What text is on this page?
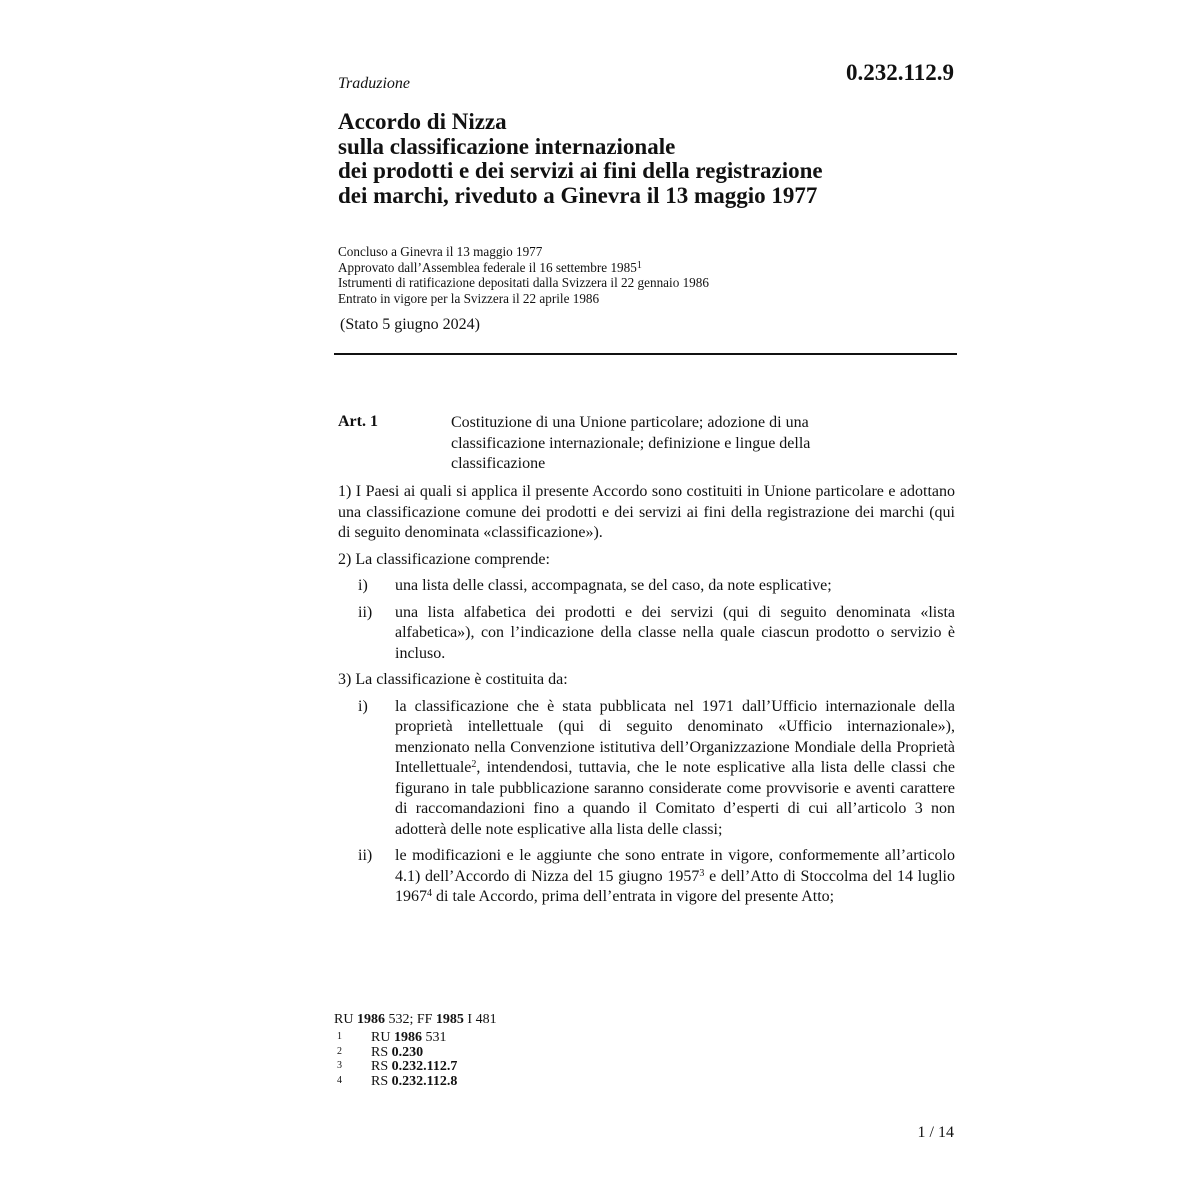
Traduzione	0.232.112.9
Accordo di Nizza
sulla classificazione internazionale
dei prodotti e dei servizi ai fini della registrazione
dei marchi, riveduto a Ginevra il 13 maggio 1977
Concluso a Ginevra il 13 maggio 1977
Approvato dall’Assemblea federale il 16 settembre 1985$^1$
Istrumenti di ratificazione depositati dalla Svizzera il 22 gennaio 1986
Entrato in vigore per la Svizzera il 22 aprile 1986
(Stato 5 giugno 2024)
Art. 1	Costituzione di una Unione particolare; adozione di una classificazione internazionale; definizione e lingue della classificazione

1) I Paesi ai quali si applica il presente Accordo sono costituiti in Unione particolare e adottano una classificazione comune dei prodotti e dei servizi ai fini della registrazione dei marchi (qui di seguito denominata «classificazione»).

2) La classificazione comprende:

i)	una lista delle classi, accompagnata, se del caso, da note esplicative;
ii)	una lista alfabetica dei prodotti e dei servizi (qui di seguito denominata «lista alfabetica»), con l’indicazione della classe nella quale ciascun prodotto o servizio è incluso.

3) La classificazione è costituita da:

i)	la classificazione che è stata pubblicata nel 1971 dall’Ufficio internazionale della proprietà intellettuale (qui di seguito denominato «Ufficio internazionale»), menzionato nella Convenzione istitutiva dell’Organizzazione Mondiale della Proprietà Intellettuale$^2$, intendendosi, tuttavia, che le note esplicative alla lista delle classi che figurano in tale pubblicazione saranno considerate come provvisorie e aventi carattere di raccomandazioni fino a quando il Comitato d’esperti di cui all’articolo 3 non adotterà delle note esplicative alla lista delle classi;
ii)	le modificazioni e le aggiunte che sono entrate in vigore, conformemente all’articolo 4.1) dell’Accordo di Nizza del 15 giugno 1957$^3$ e dell’Atto di Stoccolma del 14 luglio 1967$^4$ di tale Accordo, prima dell’entrata in vigore del presente Atto;
RU 1986 532; FF 1985 I 481
1	RU 1986 531
2	RS 0.230
3	RS 0.232.112.7
4	RS 0.232.112.8
1 / 14
